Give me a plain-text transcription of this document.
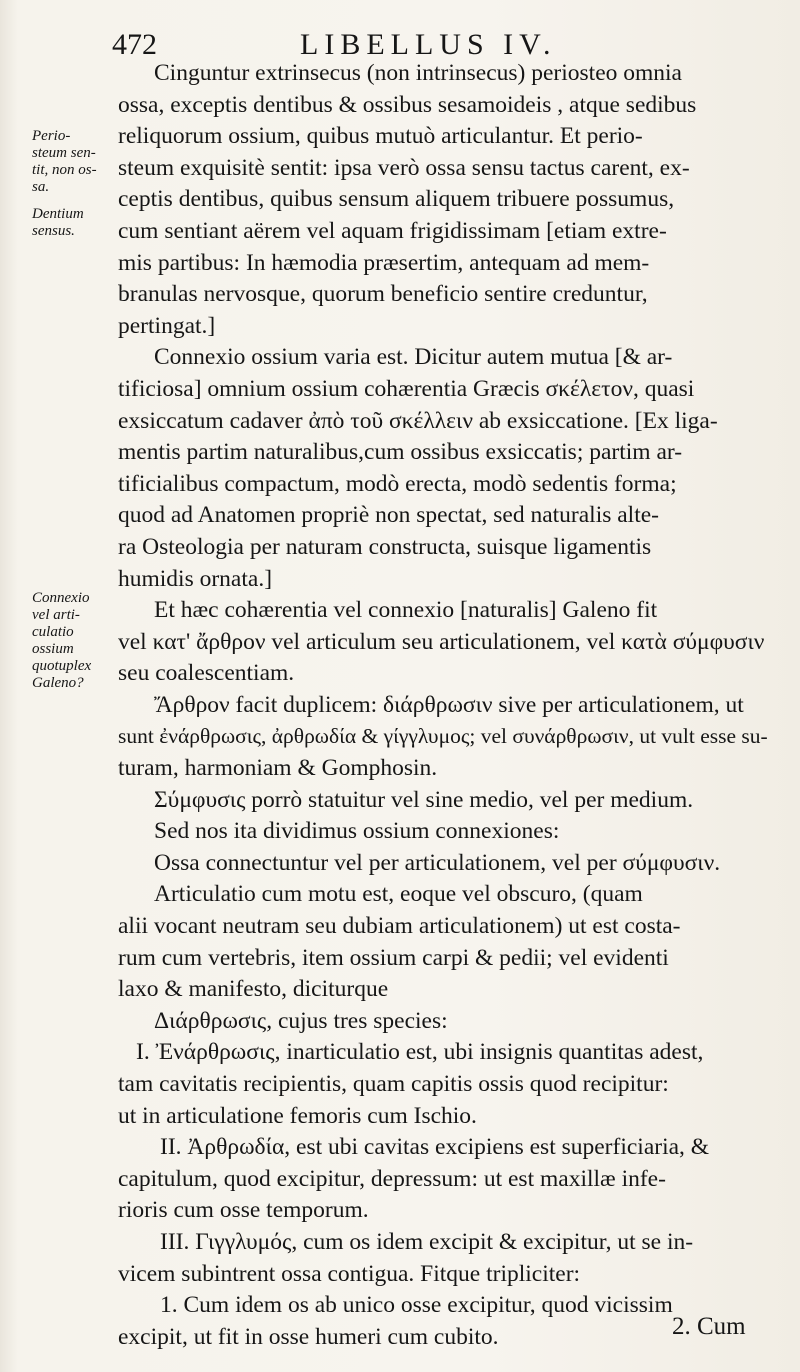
472	LIBELLUS IV.
Perio-
steum sen-
tit, non os-
sa.
Dentium
sensus.
Connexio
vel arti-
culatio
ossium
quotuplex
Galeno?
Cinguntur extrinsecus (non intrinsecus) periosteo omnia
ossa, exceptis dentibus & ossibus sesamoideis , atque sedibus
reliquorum ossium, quibus mutuò articulantur. Et perio-
steum exquisitè sentit: ipsa verò ossa sensu tactus carent, ex-
ceptis dentibus, quibus sensum aliquem tribuere possumus,
cum sentiant aërem vel aquam frigidissimam [etiam extre-
mis partibus: In hæmodia præsertim, antequam ad mem-
branulas nervosque, quorum beneficio sentire creduntur,
pertingat.]
Connexio ossium varia est. Dicitur autem mutua [& ar-
tificiosa] omnium ossium cohærentia Græcis σκέλετον, quasi
exsiccatum cadaver ἀπὸ τοῦ σκέλλειν ab exsiccatione. [Ex liga-
mentis partim naturalibus,cum ossibus exsiccatis; partim ar-
tificialibus compactum, modò erecta, modò sedentis forma;
quod ad Anatomen propriè non spectat, sed naturalis alte-
ra Osteologia per naturam constructa, suisque ligamentis
humidis ornata.]
Et hæc cohærentia vel connexio [naturalis] Galeno fit
vel κατ' ἄρθρον vel articulum seu articulationem, vel κατὰ σύμφυσιν
seu coalescentiam.
Ἄρθρον facit duplicem: διάρθρωσιν sive per articulationem, ut
sunt ἐνάρθρωσις, ἀρθρωδία & γίγγλυμος; vel συνάρθρωσιν, ut vult esse su-
turam, harmoniam & Gomphosin.
Σύμφυσις porrò statuitur vel sine medio, vel per medium.
Sed nos ita dividimus ossium connexiones:
Ossa connectuntur vel per articulationem, vel per σύμφυσιν.
Articulatio cum motu est, eoque vel obscuro, (quam
alii vocant neutram seu dubiam articulationem) ut est costa-
rum cum vertebris, item ossium carpi & pedii; vel evidenti
laxo & manifesto, diciturque
Διάρθρωσις, cujus tres species:
I. Ἐνάρθρωσις, inarticulatio est, ubi insignis quantitas adest,
tam cavitatis recipientis, quam capitis ossis quod recipitur:
ut in articulatione femoris cum Ischio.
II. Ἀρθρωδία, est ubi cavitas excipiens est superficiaria, &
capitulum, quod excipitur, depressum: ut est maxillæ infe-
rioris cum osse temporum.
III. Γιγγλυμός, cum os idem excipit & excipitur, ut se in-
vicem subintrent ossa contigua. Fitque tripliciter:
1. Cum idem os ab unico osse excipitur, quod vicissim
excipit, ut fit in osse humeri cum cubito.	2. Cum
